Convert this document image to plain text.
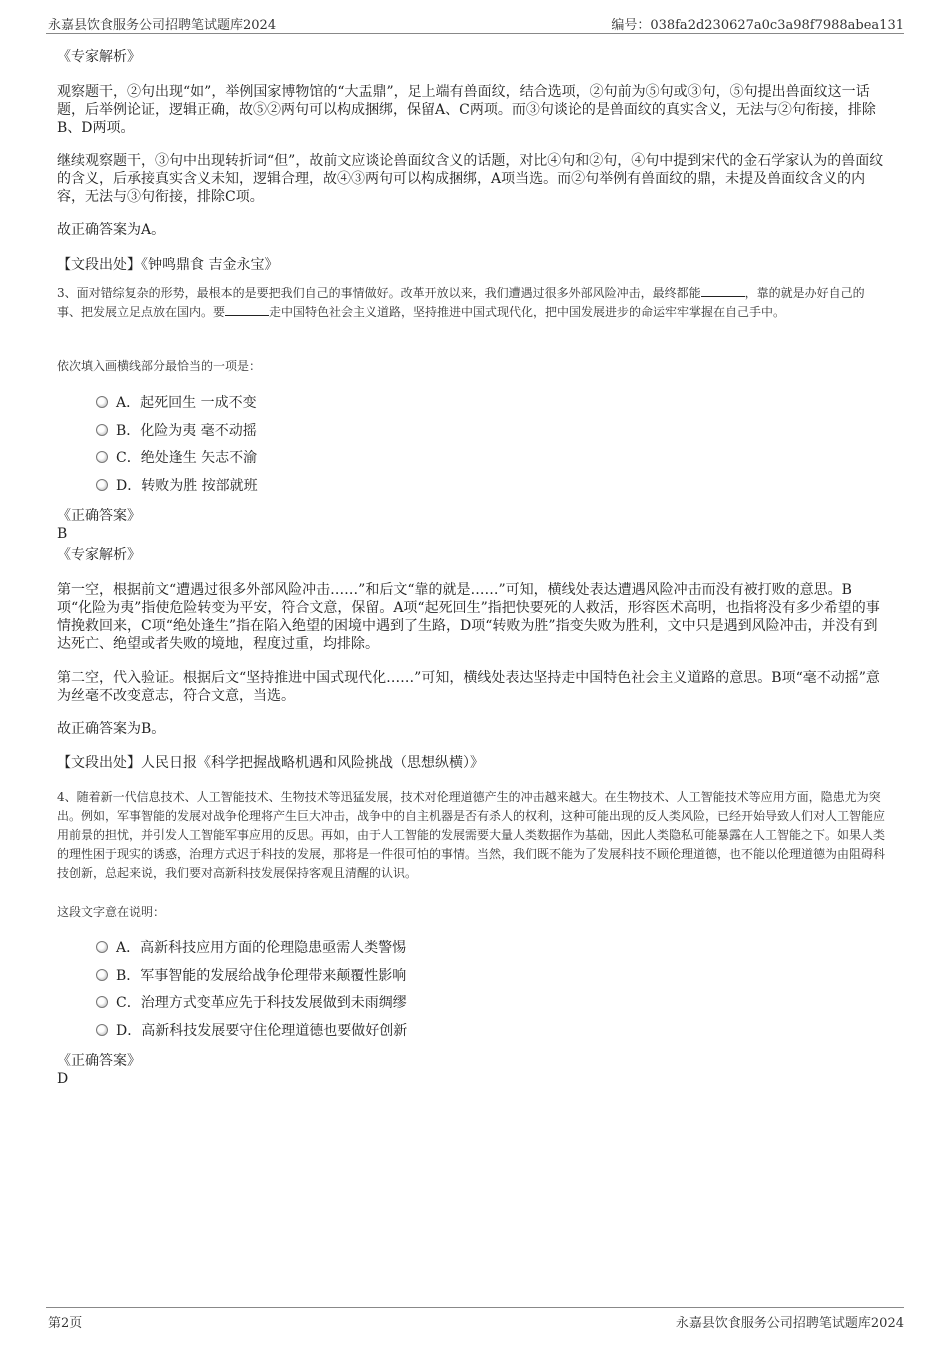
永嘉县饮食服务公司招聘笔试题库2024	编号：038fa2d230627a0c3a98f7988abea131
《专家解析》
观察题干，②句出现“如”，举例国家博物馆的“大盂鼎”，足上端有兽面纹，结合选项，②句前为⑤句或③句，⑤句提出兽面纹这一话题，后举例论证，逻辑正确，故⑤②两句可以构成捆绑，保留A、C两项。而③句谈论的是兽面纹的真实含义，无法与②句衔接，排除B、D两项。
继续观察题干，③句中出现转折词“但”，故前文应谈论兽面纹含义的话题，对比④句和②句，④句中提到宋代的金石学家认为的兽面纹的含义，后承接真实含义未知，逻辑合理，故④③两句可以构成捆绑，A项当选。而②句举例有兽面纹的鼎，未提及兽面纹含义的内容，无法与③句衔接，排除C项。
故正确答案为A。
【文段出处】《钟鸣鼎食 吉金永宝》
3、面对错综复杂的形势，最根本的是要把我们自己的事情做好。改革开放以来，我们遭遇过很多外部风险冲击，最终都能	，靠的就是办好自己的事、把发展立足点放在国内。要	走中国特色社会主义道路，坚持推进中国式现代化，把中国发展进步的命运牢牢掌握在自己手中。
依次填入画横线部分最恰当的一项是：
A．起死回生 一成不变
B．化险为夷 毫不动摇
C．绝处逢生 矢志不渝
D．转败为胜 按部就班
《正确答案》
B
《专家解析》
第一空，根据前文“遭遇过很多外部风险冲击……”和后文“靠的就是……”可知，横线处表达遭遇风险冲击而没有被打败的意思。B项“化险为夷”指使危险转变为平安，符合文意，保留。A项“起死回生”指把快要死的人救活，形容医术高明，也指将没有多少希望的事情挽救回来，C项“绝处逢生”指在陷入绝望的困境中遇到了生路，D项“转败为胜”指变失败为胜利，文中只是遇到风险冲击，并没有到达死亡、绝望或者失败的境地，程度过重，均排除。
第二空，代入验证。根据后文“坚持推进中国式现代化……”可知，横线处表达坚持走中国特色社会主义道路的意思。B项“毫不动摇”意为丝毫不改变意志，符合文意，当选。
故正确答案为B。
【文段出处】人民日报《科学把握战略机遇和风险挑战（思想纵横）》
4、随着新一代信息技术、人工智能技术、生物技术等迅猛发展，技术对伦理道德产生的冲击越来越大。在生物技术、人工智能技术等应用方面，隐患尤为突出。例如，军事智能的发展对战争伦理将产生巨大冲击，战争中的自主机器是否有杀人的权利，这种可能出现的反人类风险，已经开始导致人们对人工智能应用前景的担忧，并引发人工智能军事应用的反思。再如，由于人工智能的发展需要大量人类数据作为基础，因此人类隐私可能暴露在人工智能之下。如果人类的理性困于现实的诱惑，治理方式迟于科技的发展，那将是一件很可怕的事情。当然，我们既不能为了发展科技不顾伦理道德，也不能以伦理道德为由阻碍科技创新，总起来说，我们要对高新科技发展保持客观且清醒的认识。
这段文字意在说明：
A．高新科技应用方面的伦理隐患亟需人类警惕
B．军事智能的发展给战争伦理带来颠覆性影响
C．治理方式变革应先于科技发展做到未雨绸缪
D．高新科技发展要守住伦理道德也要做好创新
《正确答案》
D
第2页	永嘉县饮食服务公司招聘笔试题库2024
